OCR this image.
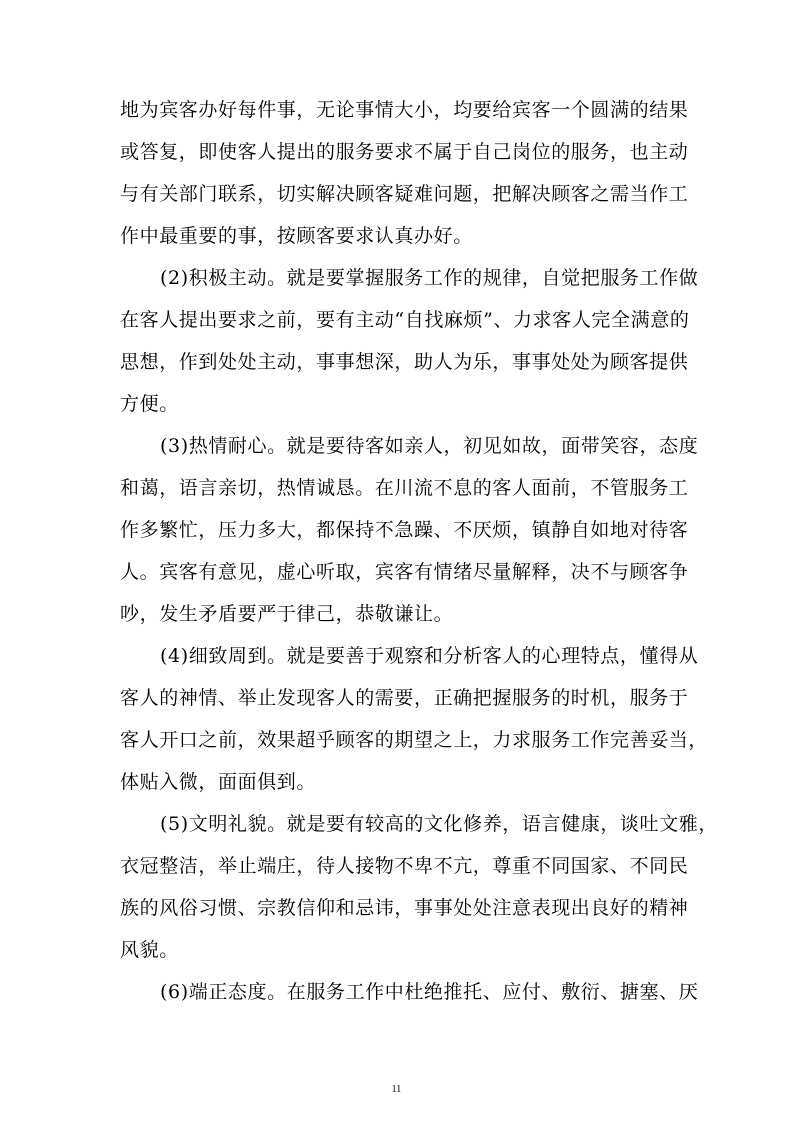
地为宾客办好每件事，无论事情大小，均要给宾客一个圆满的结果
或答复，即使客人提出的服务要求不属于自己岗位的服务，也主动
与有关部门联系，切实解决顾客疑难问题，把解决顾客之需当作工
作中最重要的事，按顾客要求认真办好。
(2)积极主动。就是要掌握服务工作的规律，自觉把服务工作做
在客人提出要求之前，要有主动“自找麻烦”、力求客人完全满意的
思想，作到处处主动，事事想深，助人为乐，事事处处为顾客提供
方便。
(3)热情耐心。就是要待客如亲人，初见如故，面带笑容，态度
和蔼，语言亲切，热情诚恳。在川流不息的客人面前，不管服务工
作多繁忙，压力多大，都保持不急躁、不厌烦，镇静自如地对待客
人。宾客有意见，虚心听取，宾客有情绪尽量解释，决不与顾客争
吵，发生矛盾要严于律己，恭敬谦让。
(4)细致周到。就是要善于观察和分析客人的心理特点，懂得从
客人的神情、举止发现客人的需要，正确把握服务的时机，服务于
客人开口之前，效果超乎顾客的期望之上，力求服务工作完善妥当，
体贴入微，面面俱到。
(5)文明礼貌。就是要有较高的文化修养，语言健康，谈吐文雅，
衣冠整洁，举止端庄，待人接物不卑不亢，尊重不同国家、不同民
族的风俗习惯、宗教信仰和忌讳，事事处处注意表现出良好的精神
风貌。
(6)端正态度。在服务工作中杜绝推托、应付、敷衍、搪塞、厌
11
